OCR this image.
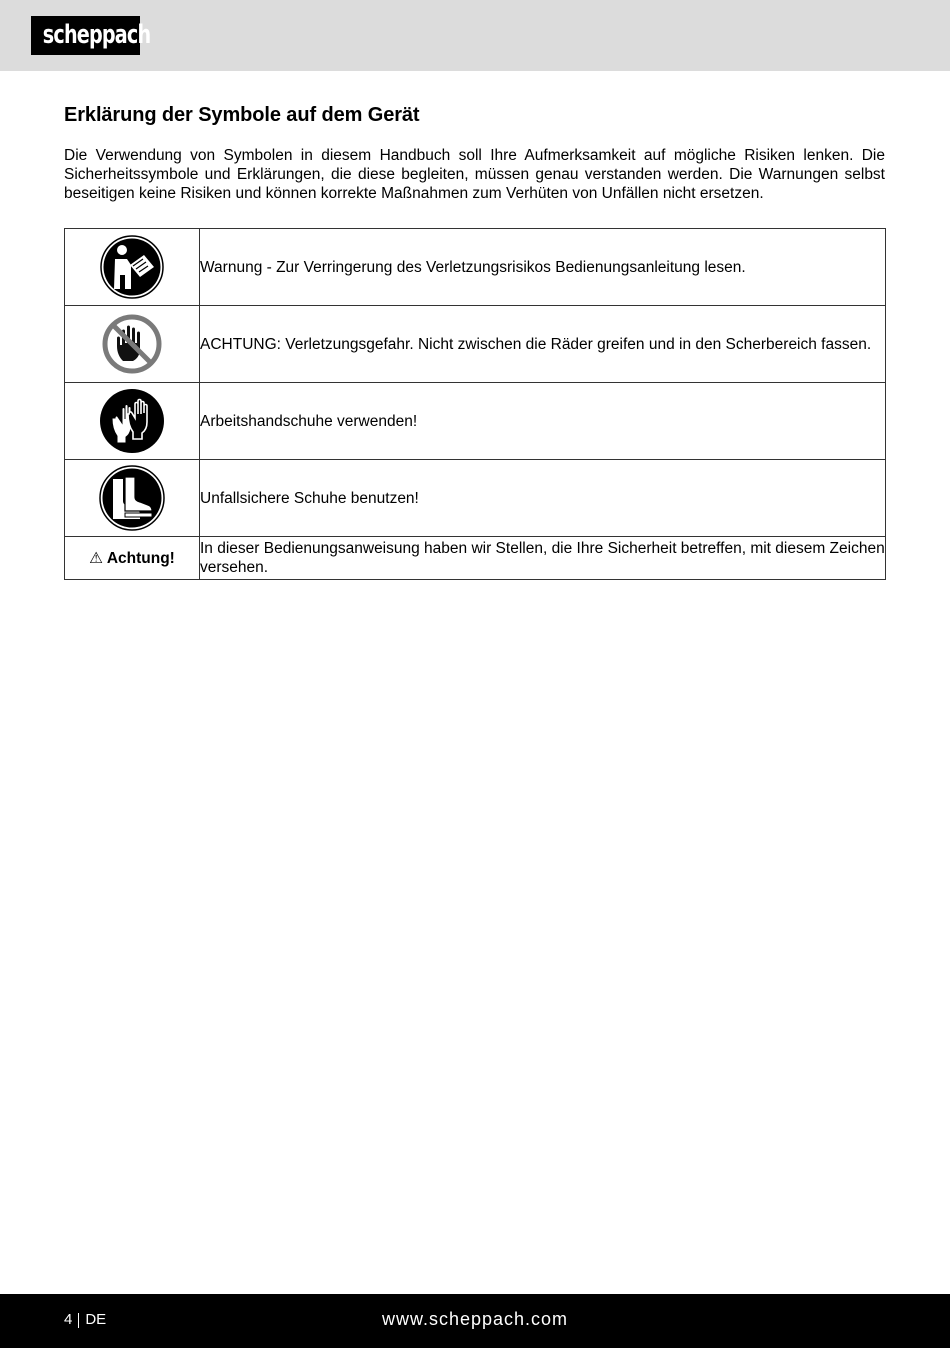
scheppach
Erklärung der Symbole auf dem Gerät

Die Verwendung von Symbolen in diesem Handbuch soll Ihre Aufmerksamkeit auf mögliche Risiken lenken. Die Sicherheitssymbole und Erklärungen, die diese begleiten, müssen genau verstanden werden. Die Warnungen selbst beseitigen keine Risiken und können korrekte Maßnahmen zum Verhüten von Unfällen nicht ersetzen.

	Warnung - Zur Verringerung des Verletzungsrisikos Bedienungsanleitung lesen.

	ACHTUNG: Verletzungsgefahr. Nicht zwischen die Räder greifen und in den Scherbereich fassen.

	Arbeitshandschuhe verwenden!

	Unfallsichere Schuhe benutzen!
⚠ Achtung!	In dieser Bedienungsanweisung haben wir Stellen, die Ihre Sicherheit betreffen, mit diesem Zeichen versehen.
4 DE	www.scheppach.com
